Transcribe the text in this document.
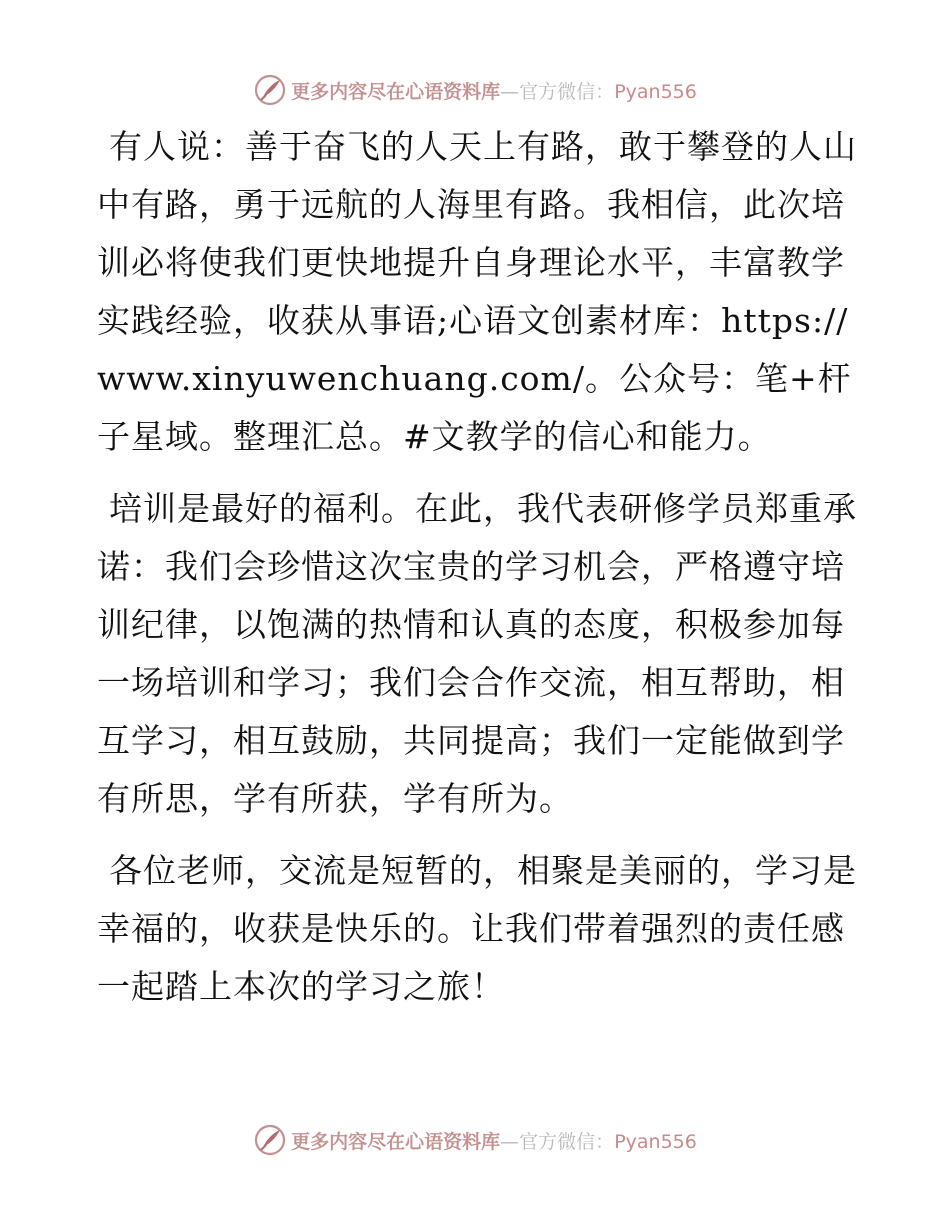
更多内容尽在心语资料库—官方微信：Pyan556

有人说：善于奋飞的人天上有路，敢于攀登的人山中有路，勇于远航的人海里有路。我相信，此次培训必将使我们更快地提升自身理论水平，丰富教学实践经验，收获从事语;心语文创素材库：https://www.xinyuwenchuang.com/。公众号：笔+杆子星域。整理汇总。#文教学的信心和能力。

培训是最好的福利。在此，我代表研修学员郑重承诺：我们会珍惜这次宝贵的学习机会，严格遵守培训纪律，以饱满的热情和认真的态度，积极参加每一场培训和学习；我们会合作交流，相互帮助，相互学习，相互鼓励，共同提高；我们一定能做到学有所思，学有所获，学有所为。

各位老师，交流是短暂的，相聚是美丽的，学习是幸福的，收获是快乐的。让我们带着强烈的责任感一起踏上本次的学习之旅！

更多内容尽在心语资料库—官方微信：Pyan556
